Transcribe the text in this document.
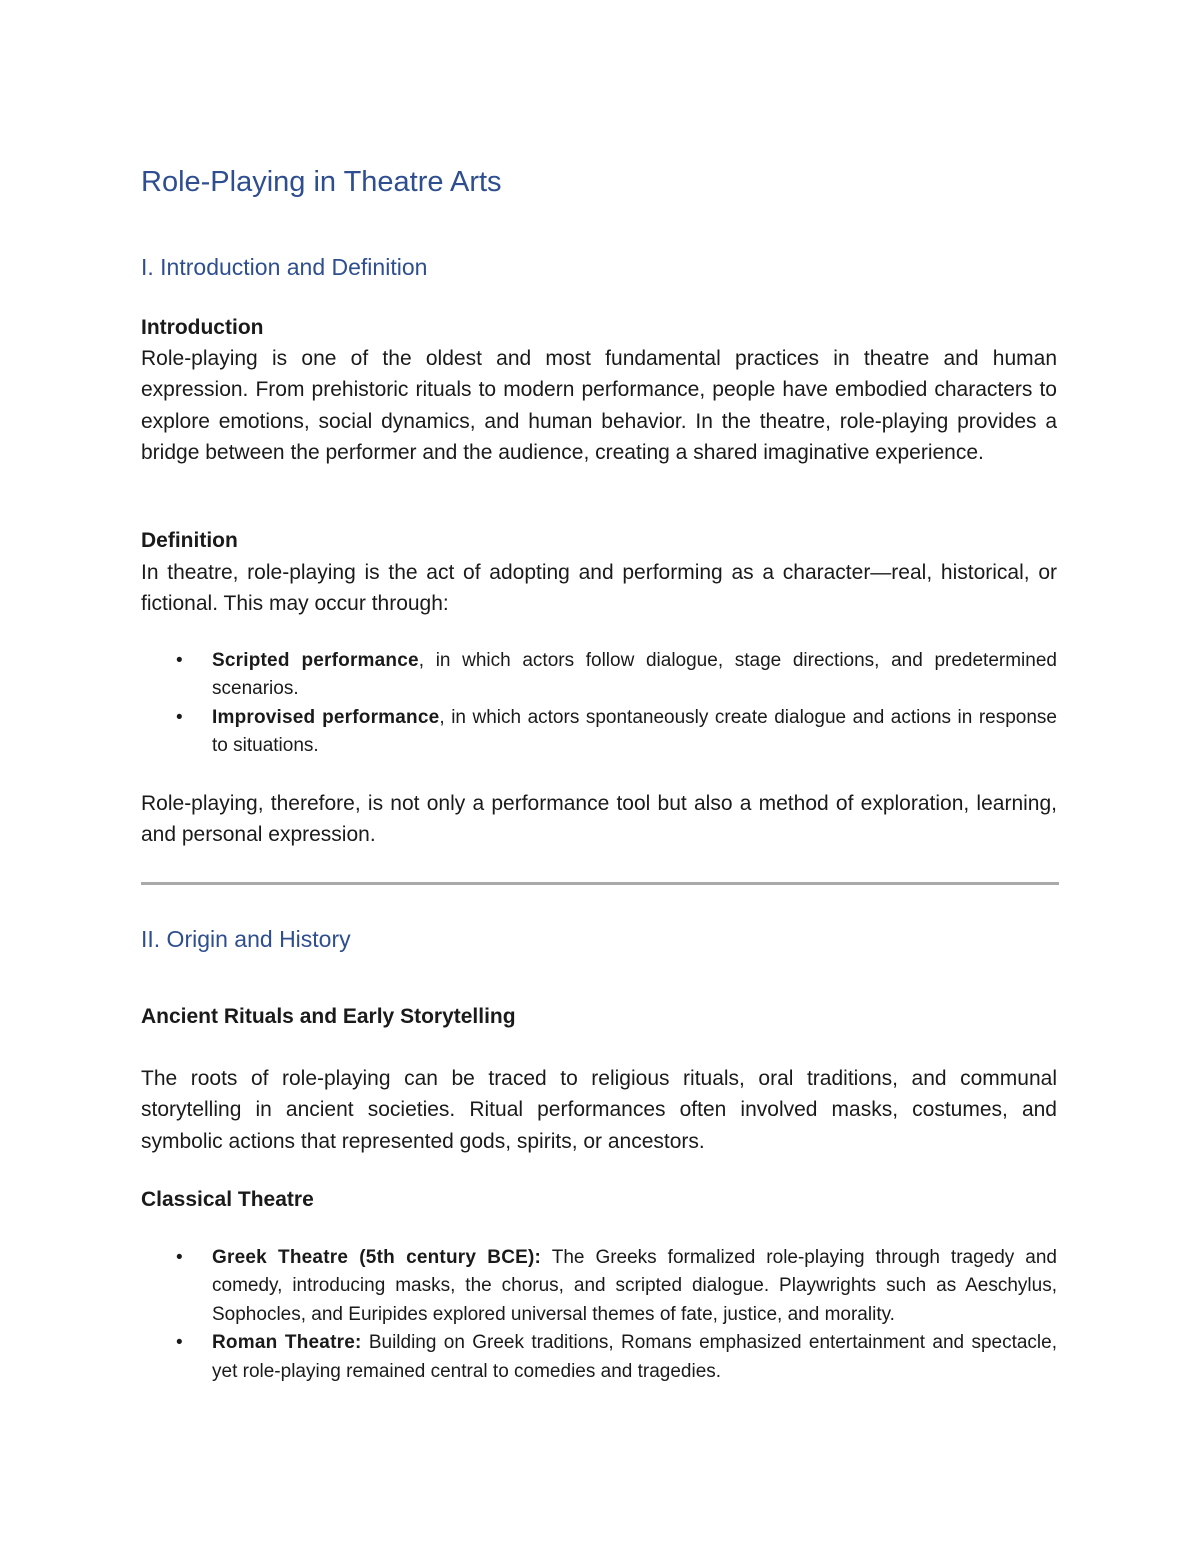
Role-Playing in Theatre Arts
I. Introduction and Definition
Introduction

Role-playing is one of the oldest and most fundamental practices in theatre and human expression. From prehistoric rituals to modern performance, people have embodied characters to explore emotions, social dynamics, and human behavior. In the theatre, role-playing provides a bridge between the performer and the audience, creating a shared imaginative experience.

Definition

In theatre, role-playing is the act of adopting and performing as a character—real, historical, or fictional. This may occur through:

• Scripted performance, in which actors follow dialogue, stage directions, and predetermined scenarios.
• Improvised performance, in which actors spontaneously create dialogue and actions in response to situations.

Role-playing, therefore, is not only a performance tool but also a method of exploration, learning, and personal expression.

II. Origin and History
Ancient Rituals and Early Storytelling

The roots of role-playing can be traced to religious rituals, oral traditions, and communal storytelling in ancient societies. Ritual performances often involved masks, costumes, and symbolic actions that represented gods, spirits, or ancestors.

Classical Theatre
• Greek Theatre (5th century BCE): The Greeks formalized role-playing through tragedy and comedy, introducing masks, the chorus, and scripted dialogue. Playwrights such as Aeschylus, Sophocles, and Euripides explored universal themes of fate, justice, and morality.
• Roman Theatre: Building on Greek traditions, Romans emphasized entertainment and spectacle, yet role-playing remained central to comedies and tragedies.
